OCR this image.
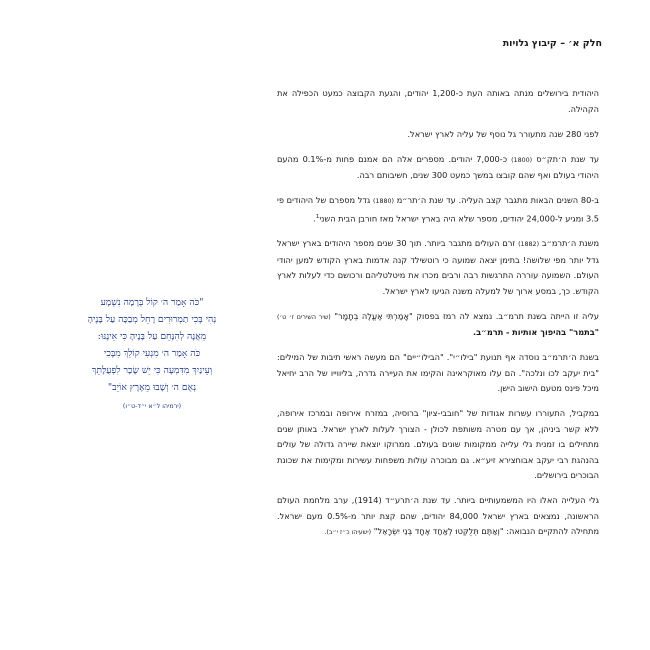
חלק א׳ – קיבוץ גלויות

היהודית בירושלים מנתה באותה העת כ-1,200 יהודים, והגעת הקבוצה כמעט הכפילה את הקהילה.

לפני 280 שנה מתעורר גל נוסף של עליה לארץ ישראל.

עד שנת ה׳תק״ס (1800) כ-7,000 יהודים. מספרים אלה הם אמנם פחות מ-0.1% מהעם היהודי בעולם ואף שהם קובצו במשך כמעט 300 שנים, חשיבותם רבה.

ב-80 השנים הבאות מתגבר קצב העליה. עד שנת ה׳תר״מ (1880) גדל מספרם של היהודים פי 3.5 ומגיע ל-24,000 יהודים, מספר שלא היה בארץ ישראל מאז חורבן הבית השני$^1$.

משנת ה׳תרמ״ב (1882) זרם העולים מתגבר ביותר. תוך 30 שנים מספר היהודים בארץ ישראל גדל יותר מפי שלושה! בתימן יצאה שמועה כי רוטשילד קנה אדמות בארץ הקודש למען יהודי העולם. השמועה עוררה התרגשות רבה ורבים מכרו את מיטלטליהם ורכושם כדי לעלות לארץ הקודש. כך, במסע ארוך של למעלה משנה הגיעו לארץ ישראל.

עליה זו הייתה בשנת תרמ״ב. נמצא לה רמז בפסוק "אָמַרְתִּי אֶעֱלֶה בְתָמָר" (שיר השירים ז׳ ט׳) "בתמר" בהיפוך אותיות - תרמ״ב.

בשנת ה׳תרמ״ב נוסדה אף תנועת "בילו״י". "הבילו״יים" הם מעשה ראשי תיבות של המילים: "בית יעקב לכו ונלכה". הם עלו מאוקראינה והקימו את העיירה גדרה, בליווייו של הרב יחיאל מיכל פינס מטעם הישוב הישן.

במקביל, התעוררו עשרות אגודות של "חובבי-ציון" ברוסיה, במזרח אירופה ובמרכז אירופה, ללא קשר ביניהן, אך עם מטרה משותפת לכולן - הצורך לעלות לארץ ישראל. באותן שנים מתחילים בו זמנית גלי עלייה ממקומות שונים בעולם. ממרוקו יוצאת שיירה גדולה של עולים בהנהגת רבי יעקב אבוחצירא זיע״א. גם מבוכרה עולות משפחות עשירות ומקימות את שכונת הבוכרים בירושלים.

גלי העלייה האלו היו המשמעותיים ביותר. עד שנת ה׳תרע״ד (1914), ערב מלחמת העולם הראשונה, נמצאים בארץ ישראל 84,000 יהודים, שהם קצת יותר מ-0.5% מעם ישראל. מתחילה להתקיים הנבואה: "וְאַתֶּם תְּלֻקְּטוּ לְאַחַד אֶחָד בְּנֵי יִשְׂרָאֵל" (ישעיהו כ״ז י״ב).

"כֹּה אָמַר ה׳ קוֹל בְּרָמָה נִשְׁמָע
נְהִי בְּכִי תַמְרוּרִים רָחֵל מְבַכָּה עַל בָּנֶיהָ
מֵאֲנָה לְהִנָּחֵם עַל בָּנֶיהָ כִּי אֵינֶנּוּ:
כֹּה אָמַר ה׳ מִנְעִי קוֹלֵךְ מִבֶּכִי
וְעֵינַיִךְ מִדִּמְעָה כִּי יֵשׁ שָׂכָר לִפְעֻלָּתֵךְ
נְאֻם ה׳ וְשָׁבוּ מֵאֶרֶץ אוֹיֵב"
(ירמיהו ל״א י״ד-ט״ו)
